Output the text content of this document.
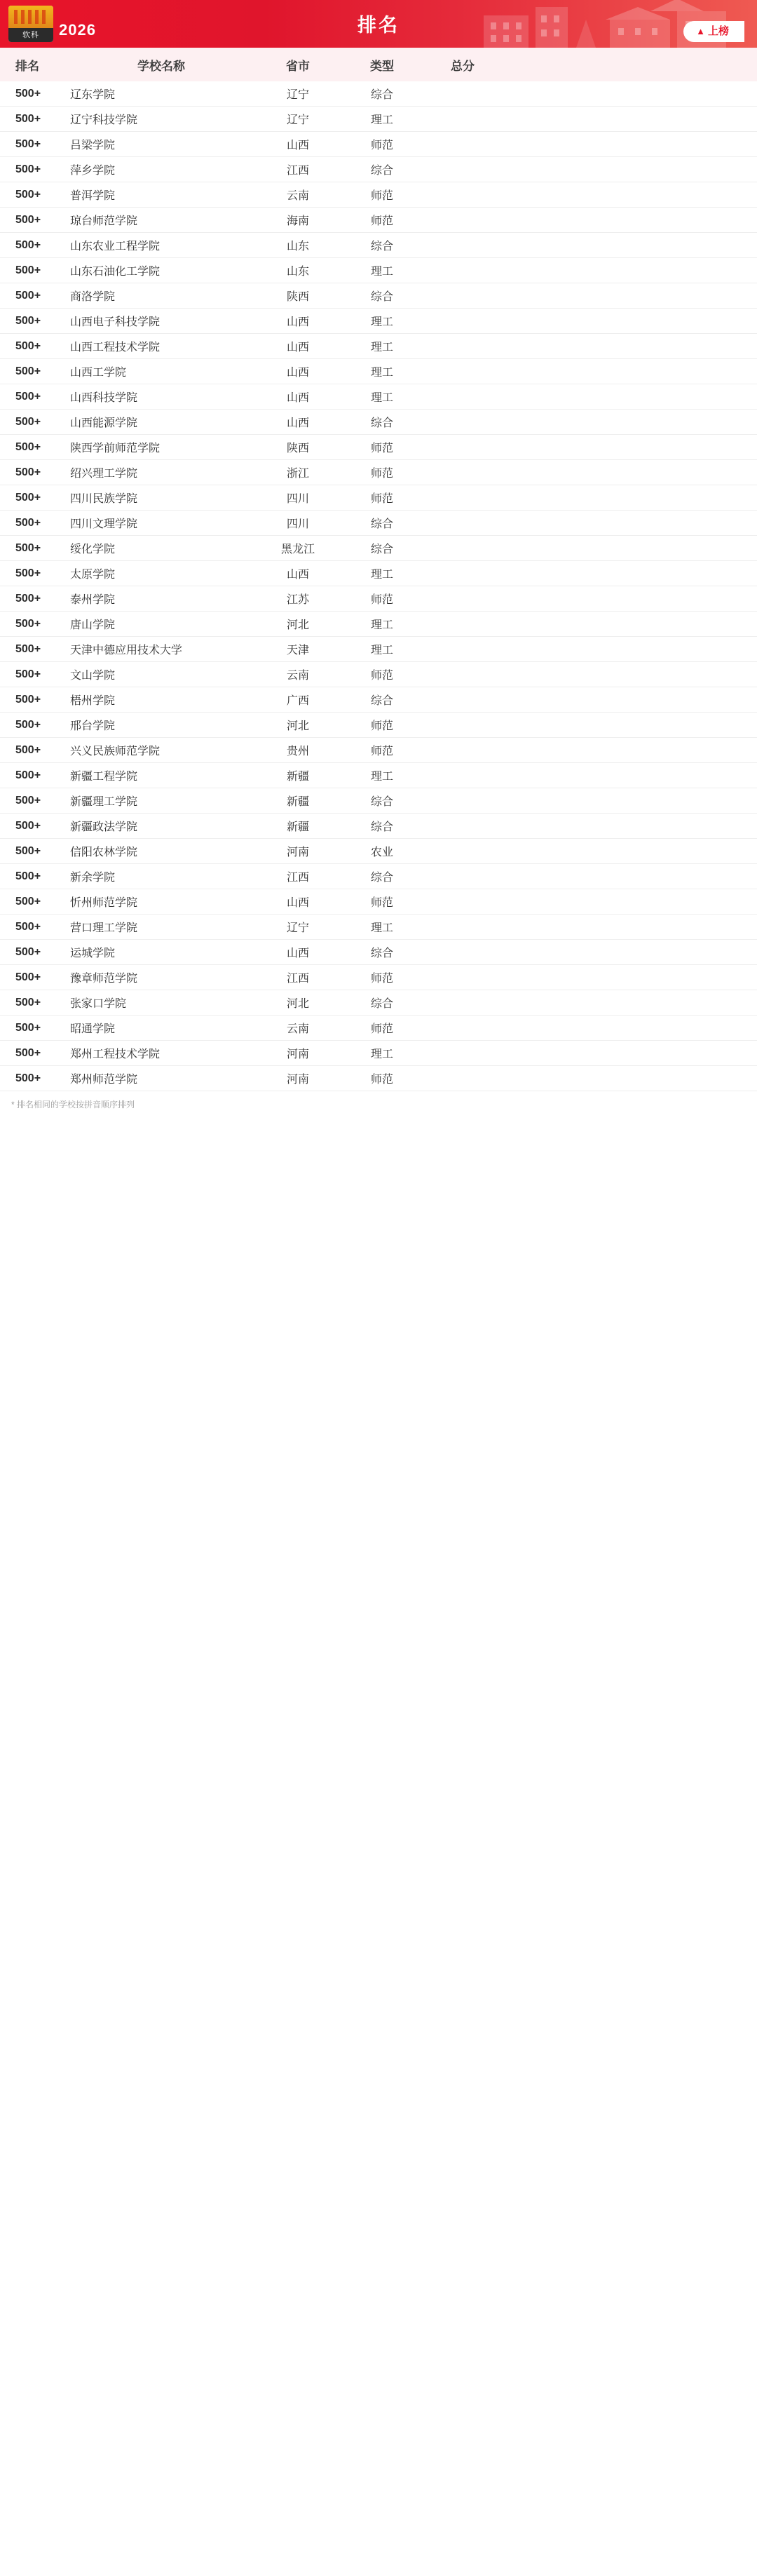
软科	2026	排名	▲ 上榜
排名	学校名称	省市	类型	总分
500+	辽东学院	辽宁	综合
500+	辽宁科技学院	辽宁	理工
500+	吕梁学院	山西	师范
500+	萍乡学院	江西	综合
500+	普洱学院	云南	师范
500+	琼台师范学院	海南	师范
500+	山东农业工程学院	山东	综合
500+	山东石油化工学院	山东	理工
500+	商洛学院	陕西	综合
500+	山西电子科技学院	山西	理工
500+	山西工程技术学院	山西	理工
500+	山西工学院	山西	理工
500+	山西科技学院	山西	理工
500+	山西能源学院	山西	综合
500+	陕西学前师范学院	陕西	师范
500+	绍兴理工学院	浙江	师范
500+	四川民族学院	四川	师范
500+	四川文理学院	四川	综合
500+	绥化学院	黑龙江	综合
500+	太原学院	山西	理工
500+	泰州学院	江苏	师范
500+	唐山学院	河北	理工
500+	天津中德应用技术大学	天津	理工
500+	文山学院	云南	师范
500+	梧州学院	广西	综合
500+	邢台学院	河北	师范
500+	兴义民族师范学院	贵州	师范
500+	新疆工程学院	新疆	理工
500+	新疆理工学院	新疆	综合
500+	新疆政法学院	新疆	综合
500+	信阳农林学院	河南	农业
500+	新余学院	江西	综合
500+	忻州师范学院	山西	师范
500+	营口理工学院	辽宁	理工
500+	运城学院	山西	综合
500+	豫章师范学院	江西	师范
500+	张家口学院	河北	综合
500+	昭通学院	云南	师范
500+	郑州工程技术学院	河南	理工
500+	郑州师范学院	河南	师范
* 排名相同的学校按拼音顺序排列
